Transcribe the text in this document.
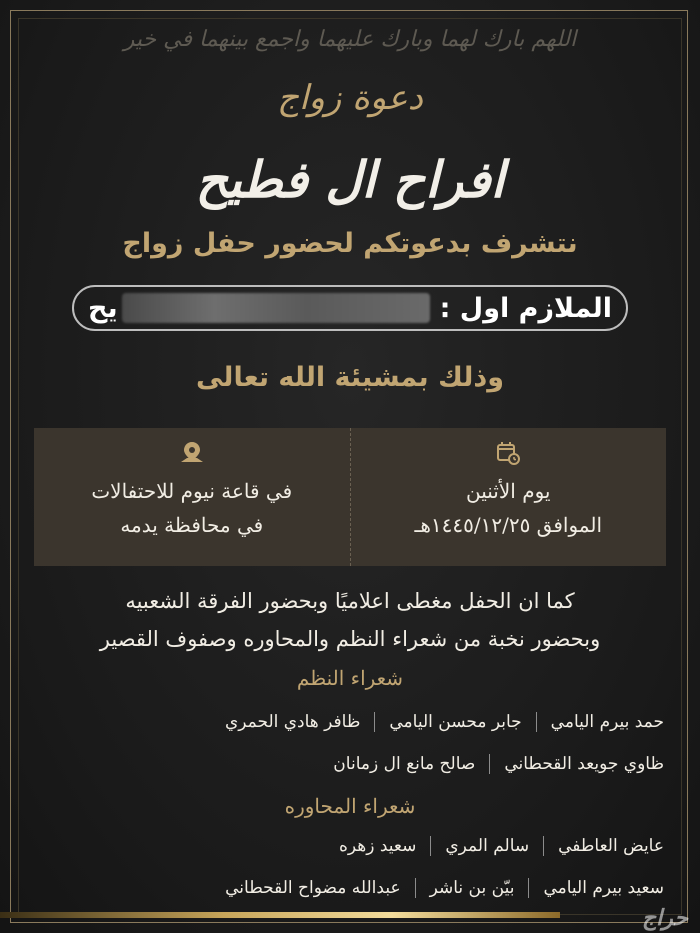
اللهم بارك لهما وبارك عليهما واجمع بينهما في خير
دعوة زواج
افراح ال فطيح
نتشرف بدعوتكم لحضور حفل زواج
الملازم اول :
يح
وذلك بمشيئة الله تعالى
يوم الأثنين
الموافق ١٤٤٥/١٢/٢٥هـ
في قاعة نيوم للاحتفالات
في محافظة يدمه
كما ان الحفل مغطى اعلاميًا وبحضور الفرقة الشعبيه
وبحضور نخبة من شعراء النظم والمحاوره وصفوف القصير
شعراء النظم
حمد بيرم اليامي
جابر محسن اليامي
ظافر هادي الحمري
ظاوي جويعد القحطاني
صالح مانع ال زمانان
شعراء المحاوره
عايض العاطفي
سالم المري
سعيد زهره
سعيد بيرم اليامي
بيّن بن ناشر
عبدالله مضواح القحطاني
حراج
